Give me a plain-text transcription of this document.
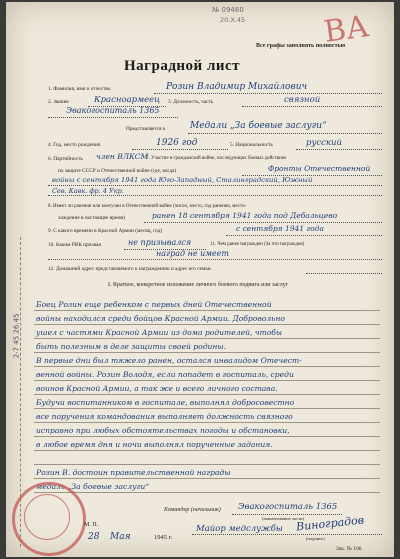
№ 09460
20.X.45	ВА
Все графы заполнять полностью
Наградной лист
1. Фамилия, имя и отчество	Розин Владимир Михайлович
2. Звание	Красноармеец 3. Должность, часть	связной
Эвакогоспиталь 1365
Представляется к	Медали „За боевые заслуги“
4. Год, место рождения	1926 год	5. Национальность	русский
6. Партийность член ВЛКСМ
7. Участие в гражданской войне, последующих боевых действиях
по защите СССР и Отечественной войне (где, когда)	Фронты Отечественной
войны с сентября 1941 года Юго-Западный, Сталинградский, Южный
Сев. Кавк. фр. 4 Укр.
8. Имеет ли ранения или контузии в Отечественной войне (число, место, год ранения, место-
хождение в настоящее время)	ранен 18 сентября 1941 года под Дебальцево
9. С какого времени в Красной Армии (месяц, год)	с сентября 1941 года
10. Каким РВК призван	не призывался	11. Чем ранее награжден (За что награжден)
наград не имеет
12. Домашний адрес представляемого к награждению и адрес его семьи.
2-7 45 26.45
I. Краткое, конкретное изложение личного боевого подвига или заслуг
Боец Розин еще ребенком с первых дней Отечественной
войны находился среди бойцов Красной Армии. Добровольно
ушел с частями Красной Армии из дома родителей, чтобы
быть полезным в деле защиты своей родины.
В первые дни был тяжело ранен, остался инвалидом Отечест-
венной войны. Розин Володя, если попадет в госпиталь, среди
воинов Красной Армии, а так же и всего личного состава.
Будучи воспитанником в госпитале, выполнял добросовестно
все поручения командования выполняет должность связного
исправно при любых обстоятельствах погоды и обстановки,
в любое время дня и ночи выполнял порученные задания.
Розин В. достоин правительственной награды
медаль „За боевые заслуги“
Командир (начальник) Эвакогоспиталь 1365
(наименование части)
Майор медслужбы Виноградов
(подпись)
М. П.
28 Мая	1945 г.
Зак. № 106
